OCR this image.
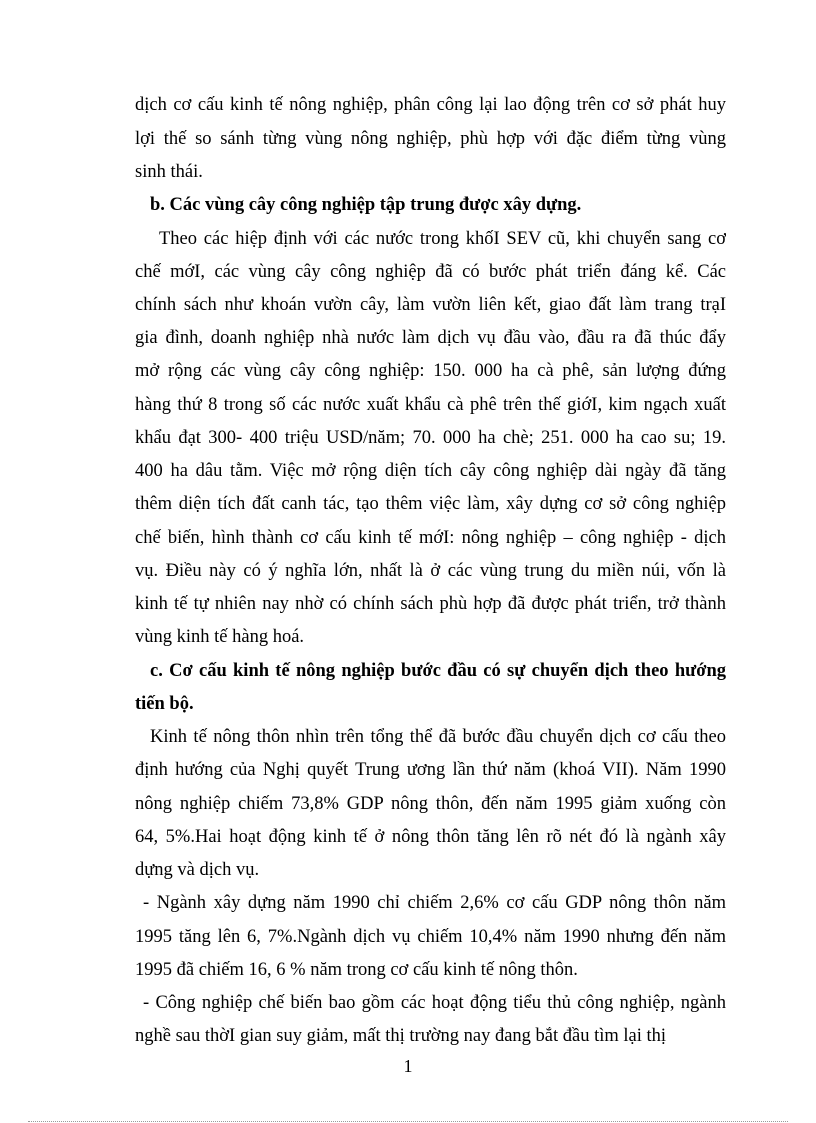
dịch cơ cấu kinh tế nông nghiệp, phân công lại lao động trên cơ sở phát huy
lợi thế so sánh từng vùng nông nghiệp, phù hợp với đặc điểm từng vùng
sinh thái.
b. Các vùng cây công nghiệp tập trung được xây dựng.
Theo các hiệp định với các nước trong khốI SEV cũ, khi chuyển sang cơ
chế mớI, các vùng cây công nghiệp đã có bước phát triển đáng kể. Các
chính sách như khoán vườn cây, làm vườn liên kết, giao đất làm trang trạI
gia đình, doanh nghiệp nhà nước làm dịch vụ đầu vào, đầu ra đã thúc đẩy
mở rộng các vùng cây công nghiệp: 150. 000 ha cà phê, sản lượng đứng
hàng thứ 8 trong số các nước xuất khẩu cà phê trên thế giớI, kim ngạch xuất
khẩu đạt 300- 400 triệu USD/năm; 70. 000 ha chè; 251. 000 ha cao su; 19.
400 ha dâu tằm. Việc mở rộng diện tích cây công nghiệp dài ngày đã tăng
thêm diện tích đất canh tác, tạo thêm việc làm, xây dựng cơ sở công nghiệp
chế biến, hình thành cơ cấu kinh tế mớI: nông nghiệp – công nghiệp - dịch
vụ. Điều này có ý nghĩa lớn, nhất là ở các vùng trung du miền núi, vốn là
kinh tế tự nhiên nay nhờ có chính sách phù hợp đã được phát triển, trở thành
vùng kinh tế hàng hoá.
c. Cơ cấu kinh tế nông nghiệp bước đầu có sự chuyển dịch theo hướng
tiến bộ.
Kinh tế nông thôn nhìn trên tổng thể đã bước đầu chuyển dịch cơ cấu theo
định hướng của Nghị quyết Trung ương lần thứ năm (khoá VII). Năm 1990
nông nghiệp chiếm 73,8% GDP nông thôn, đến năm 1995 giảm xuống còn
64, 5%.Hai hoạt động kinh tế ở nông thôn tăng lên rõ nét đó là ngành xây
dựng và dịch vụ.
- Ngành xây dựng năm 1990 chỉ chiếm 2,6% cơ cấu GDP nông thôn năm
1995 tăng lên 6, 7%.Ngành dịch vụ chiếm 10,4% năm 1990 nhưng đến năm
1995 đã chiếm 16, 6 % năm trong cơ cấu kinh tế nông thôn.
- Công nghiệp chế biến bao gồm các hoạt động tiểu thủ công nghiệp, ngành
nghề sau thờI gian suy giảm, mất thị trường nay đang bắt đầu tìm lại thị
1
